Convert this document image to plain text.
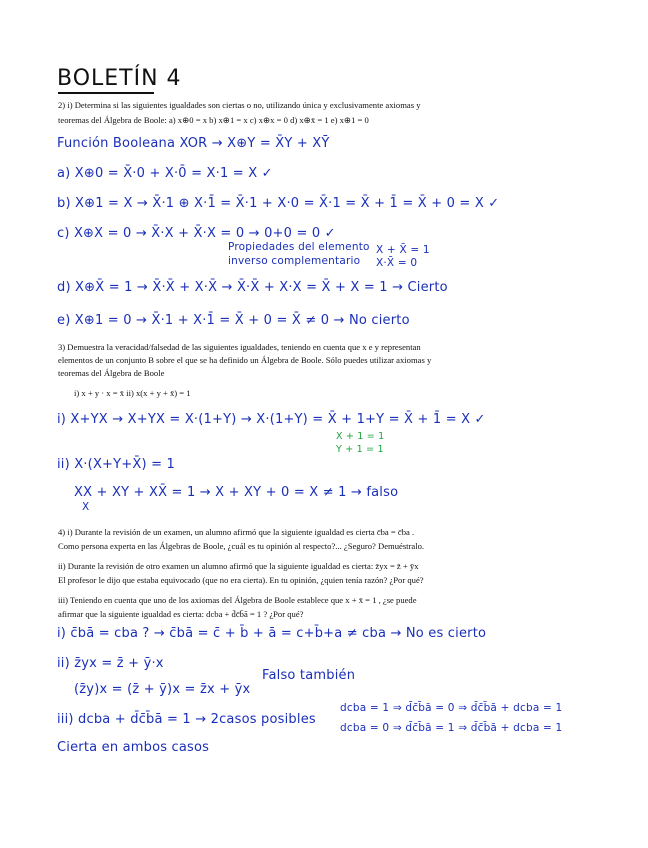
BOLETÍN 4
2) i) Determina si las siguientes igualdades son ciertas o no, utilizando única y exclusivamente axiomas y
teoremas del Álgebra de Boole: a) x⊕0 = x b) x⊕1 = x c) x⊕x = 0 d) x⊕x̄ = 1 e) x⊕1 = 0
Función Booleana XOR → X⊕Y = X̄Y + XȲ
a) X⊕0 = X̄·0 + X·0̄ = X·1 = X ✓
b) X⊕1 = X → X̄·1 ⊕ X·1̄ = X̄·1 + X·0 = X̄·1 = X̄ + 1̄ = X̄ + 0 = X ✓
c) X⊕X = 0 → X̄·X + X̄·X = 0 → 0+0 = 0 ✓
Propiedades del elemento
inverso complementario
X + X̄ = 1
X·X̄ = 0
d) X⊕X̄ = 1 → X̄·X̄ + X·X̄ → X̄·X̄ + X·X = X̄ + X = 1 → Cierto
e) X⊕1 = 0 → X̄·1 + X·1̄ = X̄ + 0 = X̄ ≠ 0 → No cierto
3) Demuestra la veracidad/falsedad de las siguientes igualdades, teniendo en cuenta que x e y representan
elementos de un conjunto B sobre el que se ha definido un Álgebra de Boole. Sólo puedes utilizar axiomas y
teoremas del Álgebra de Boole
i) x + y · x = x̄ ii) x(x + y + x̄) = 1
i) X+YX → X+YX = X·(1+Y) → X·(1+Y) = X̄ + 1+Y = X̄ + 1̄ = X ✓
X + 1 = 1
Y + 1 = 1
ii) X·(X+Y+X̄) = 1
XX + XY + XX̄ = 1 → X + XY + 0 = X ≠ 1 → falso
X
4) i) Durante la revisión de un examen, un alumno afirmó que la siguiente igualdad es cierta c̄ba = c̄ba .
Como persona experta en las Álgebras de Boole, ¿cuál es tu opinión al respecto?... ¿Seguro? Demuéstralo.
ii) Durante la revisión de otro examen un alumno afirmó que la siguiente igualdad es cierta: z̄yx = z̄ + ȳx
El profesor le dijo que estaba equivocado (que no era cierta). En tu opinión, ¿quien tenía razón? ¿Por qué?
iii) Teniendo en cuenta que uno de los axiomas del Álgebra de Boole establece que x + x̄ = 1 , ¿se puede
afirmar que la siguiente igualdad es cierta: dcba + d̄c̄b̄ā = 1 ? ¿Por qué?
i) c̄bā = cba ? → c̄bā = c̄ + b̄ + ā = c+b̄+a ≠ cba → No es cierto
ii) z̄yx = z̄ + ȳ·x
(z̄y)x = (z̄ + ȳ)x = z̄x + ȳx
Falso también
iii) dcba + d̄c̄b̄ā = 1 → 2casos posibles
dcba = 1 ⇒ d̄c̄b̄ā = 0 ⇒ d̄c̄b̄ā + dcba = 1
dcba = 0 ⇒ d̄c̄b̄ā = 1 ⇒ d̄c̄b̄ā + dcba = 1
Cierta en ambos casos
